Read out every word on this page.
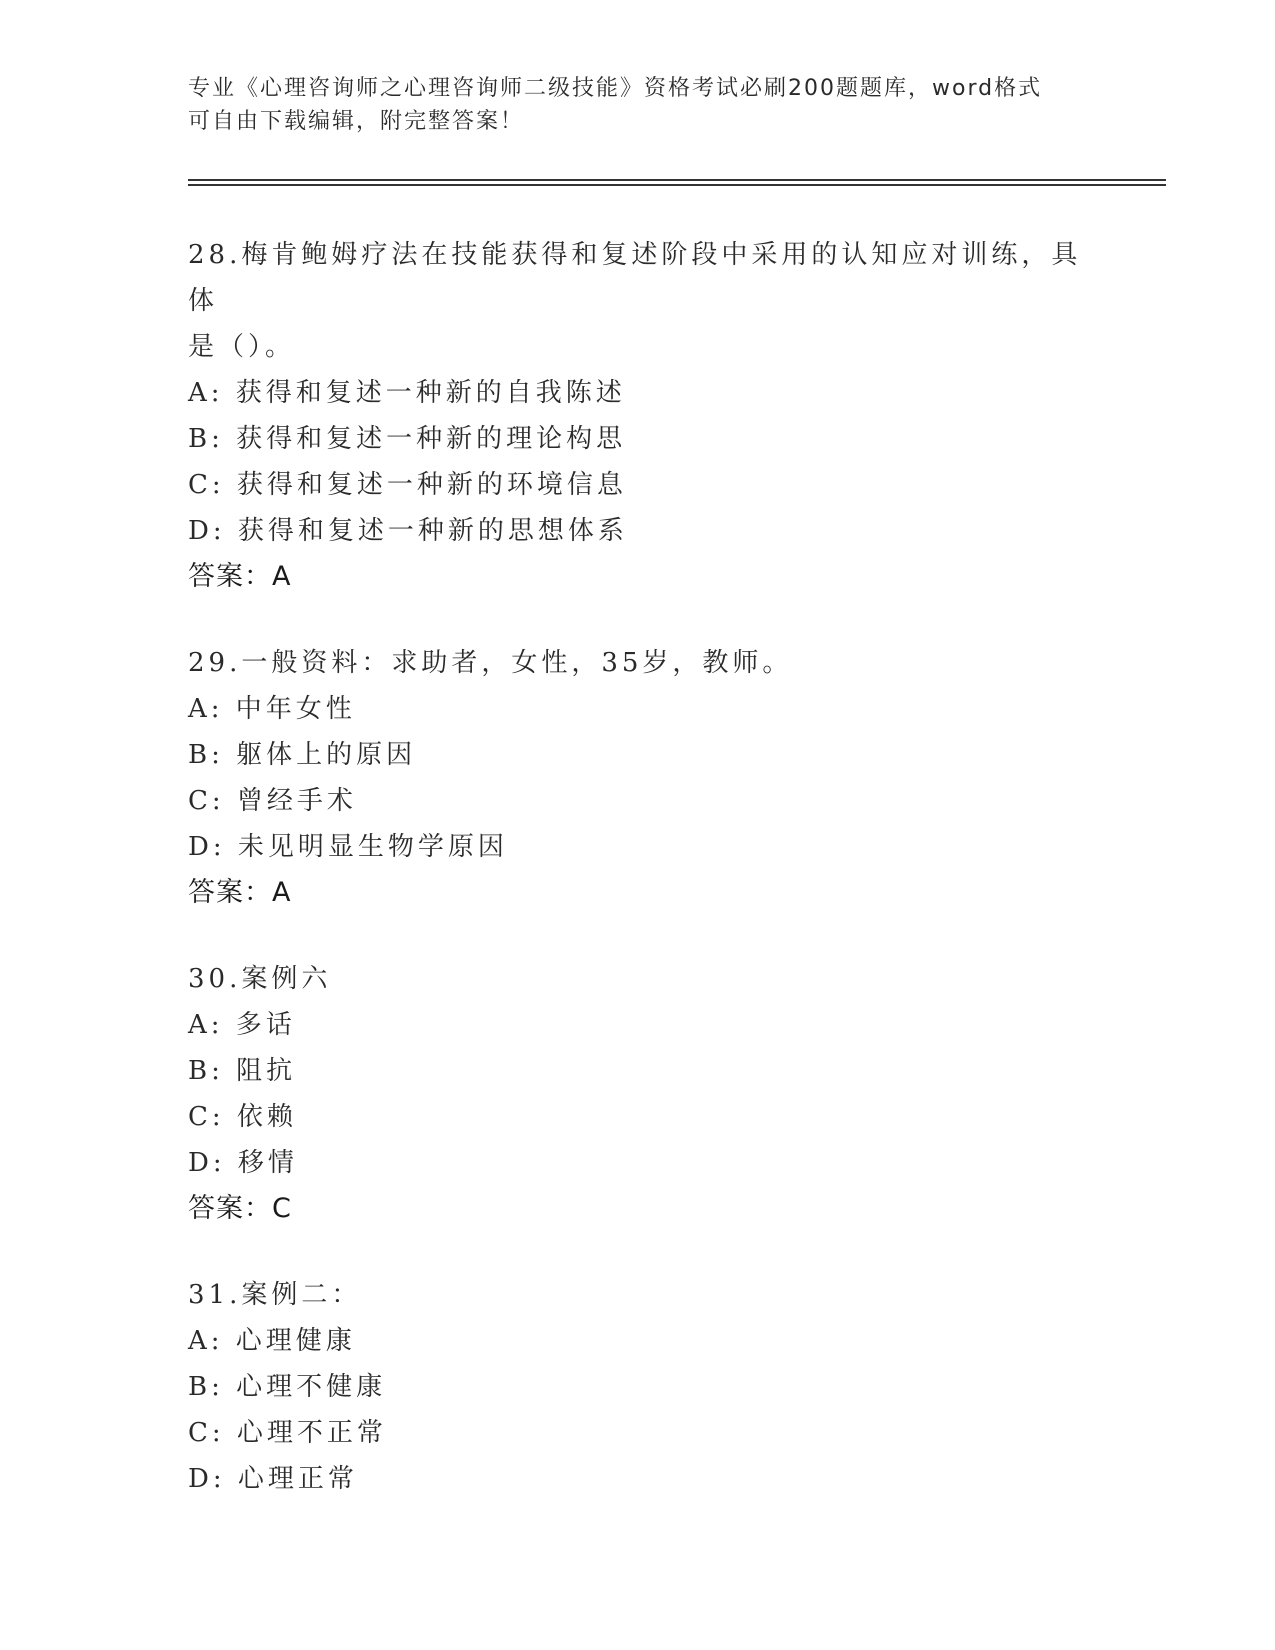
专业《心理咨询师之心理咨询师二级技能》资格考试必刷200题题库，word格式
可自由下载编辑，附完整答案！

28.梅肯鲍姆疗法在技能获得和复述阶段中采用的认知应对训练，具体
是（）。

A: 获得和复述一种新的自我陈述

B: 获得和复述一种新的理论构思

C: 获得和复述一种新的环境信息

D: 获得和复述一种新的思想体系

答案：A

29.一般资料：求助者，女性，35岁，教师。

A: 中年女性

B: 躯体上的原因

C: 曾经手术

D: 未见明显生物学原因

答案：A

30.案例六

A: 多话

B: 阻抗

C: 依赖

D: 移情

答案：C

31.案例二：

A: 心理健康

B: 心理不健康

C: 心理不正常

D: 心理正常
